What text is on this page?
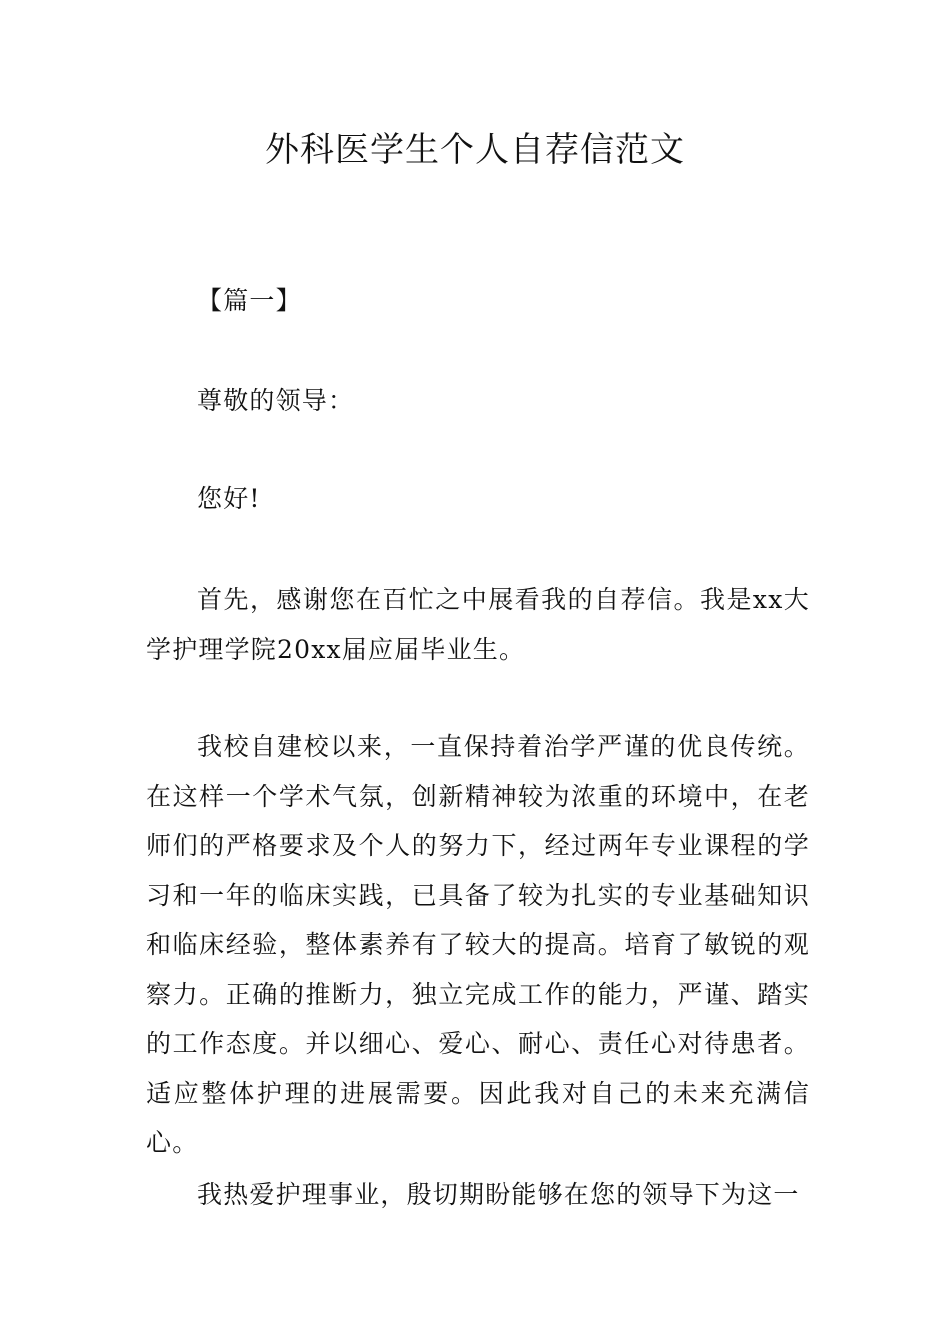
外科医学生个人自荐信范文

【篇一】

尊敬的领导：

您好!

首先，感谢您在百忙之中展看我的自荐信。我是xx大学护理学院20xx届应届毕业生。

我校自建校以来，一直保持着治学严谨的优良传统。在这样一个学术气氛，创新精神较为浓重的环境中，在老师们的严格要求及个人的努力下，经过两年专业课程的学习和一年的临床实践，已具备了较为扎实的专业基础知识和临床经验，整体素养有了较大的提高。培育了敏锐的观察力。正确的推断力，独立完成工作的能力，严谨、踏实的工作态度。并以细心、爱心、耐心、责任心对待患者。适应整体护理的进展需要。因此我对自己的未来充满信心。

我热爱护理事业，殷切期盼能够在您的领导下为这一
